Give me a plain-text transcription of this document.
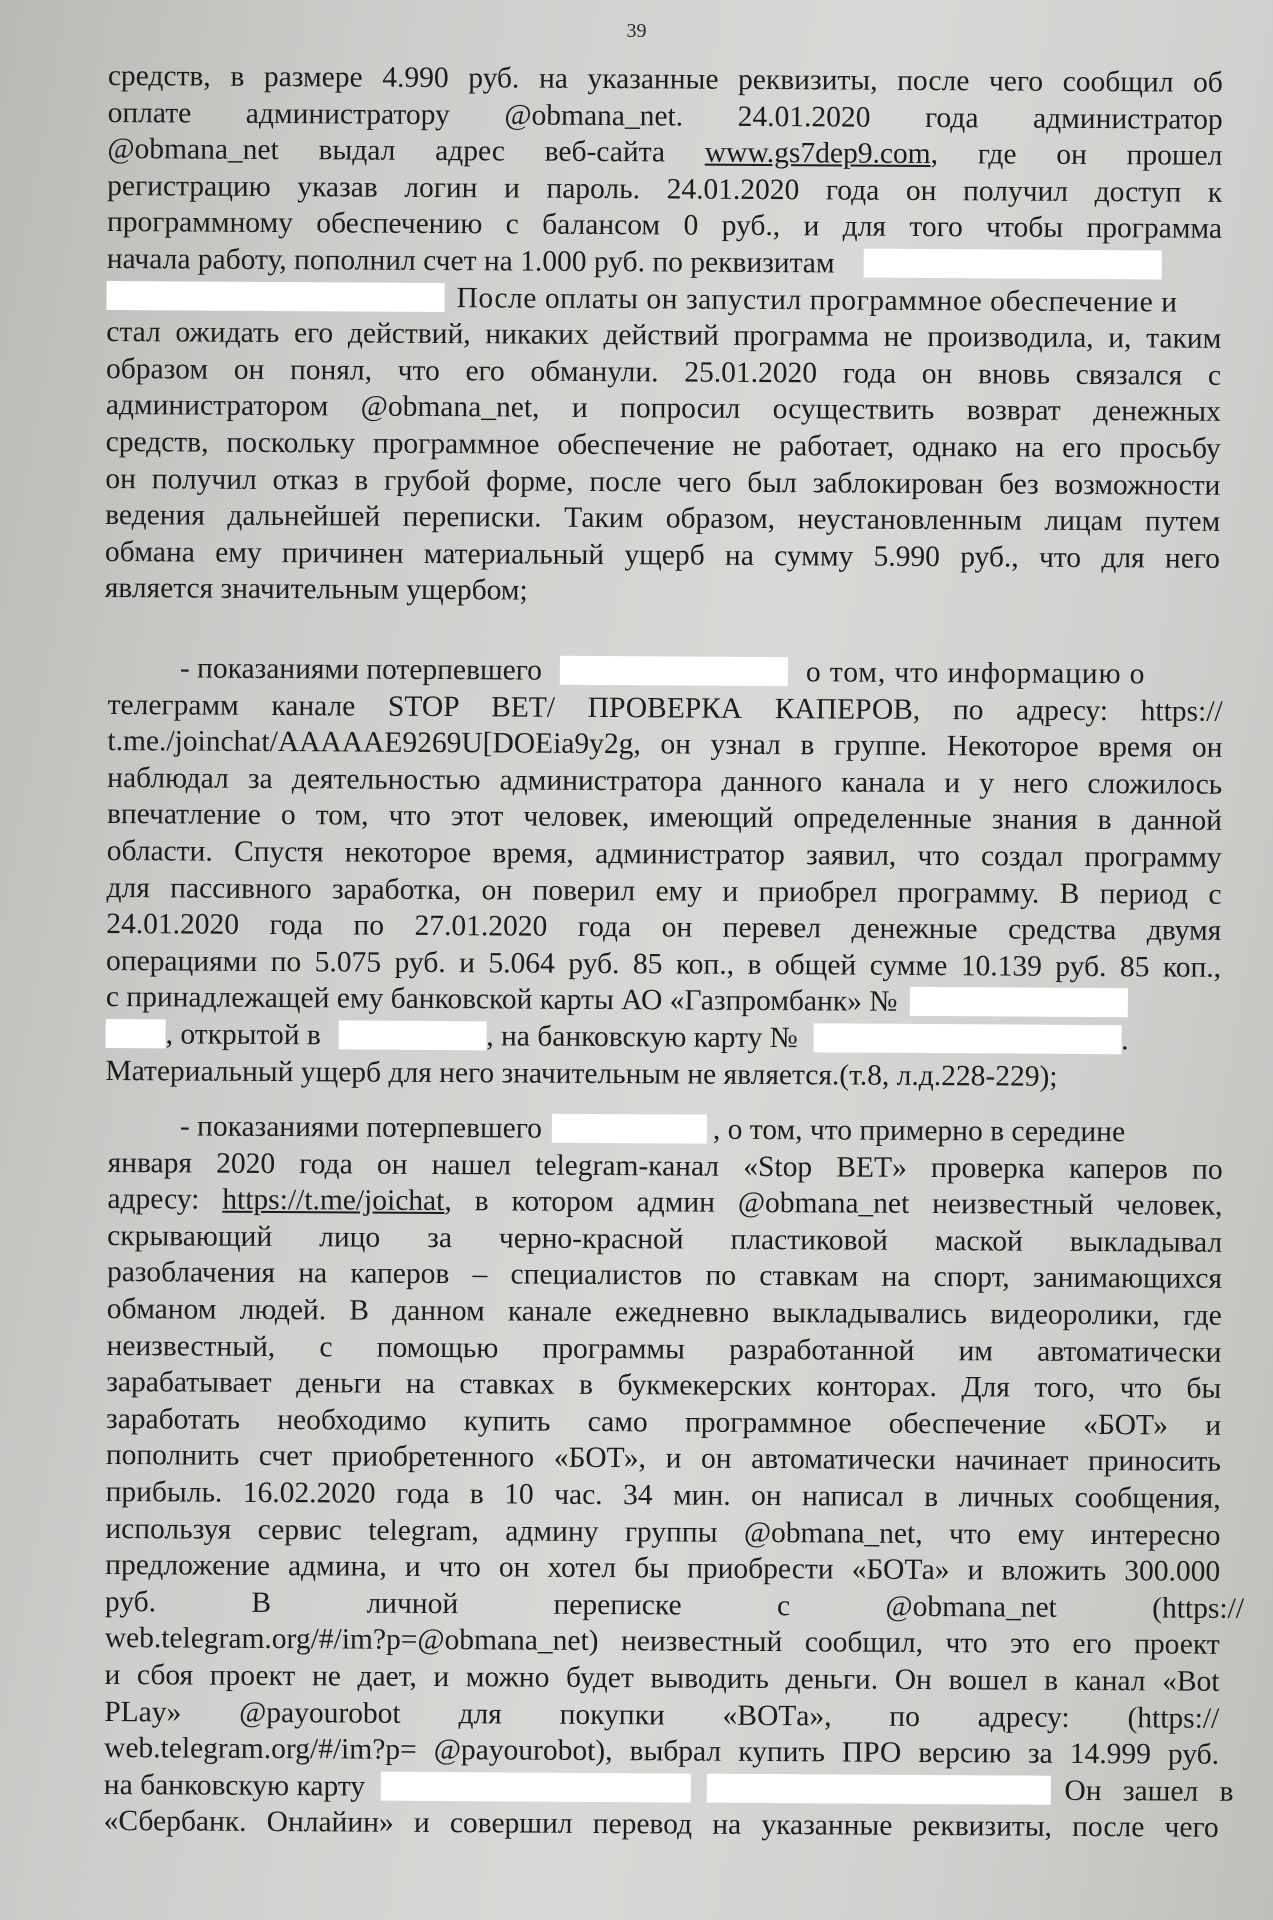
39
средств, в размере 4.990 руб. на указанные реквизиты, после чего сообщил об
оплате администратору @obmana_net. 24.01.2020 года администратор
@obmana_net выдал адрес веб-сайта www.gs7dep9.com, где он прошел
регистрацию указав логин и пароль. 24.01.2020 года он получил доступ к
программному обеспечению с балансом 0 руб., и для того чтобы программа
начала работу, пополнил счет на 1.000 руб. по реквизитам
После оплаты он запустил программное обеспечение и
стал ожидать его действий, никаких действий программа не производила, и, таким
образом он понял, что его обманули. 25.01.2020 года он вновь связался с
администратором @obmana_net, и попросил осуществить возврат денежных
средств, поскольку программное обеспечение не работает, однако на его просьбу
он получил отказ в грубой форме, после чего был заблокирован без возможности
ведения дальнейшей переписки. Таким образом, неустановленным лицам путем
обмана ему причинен материальный ущерб на сумму 5.990 руб., что для него
является значительным ущербом;
- показаниями потерпевшего	о том, что информацию о
телеграмм канале STOP BET/ ПРОВЕРКА КАПЕРОВ, по адресу: https://
t.me./joinchat/AAAAAE9269U[DOEia9y2g, он узнал в группе. Некоторое время он
наблюдал за деятельностью администратора данного канала и у него сложилось
впечатление о том, что этот человек, имеющий определенные знания в данной
области. Спустя некоторое время, администратор заявил, что создал программу
для пассивного заработка, он поверил ему и приобрел программу. В период с
24.01.2020 года по 27.01.2020 года он перевел денежные средства двумя
операциями по 5.075 руб. и 5.064 руб. 85 коп., в общей сумме 10.139 руб. 85 коп.,
с принадлежащей ему банковской карты АО «Газпромбанк» №
, открытой в	, на банковскую карту №	.
Материальный ущерб для него значительным не является.(т.8, л.д.228-229);
- показаниями потерпевшего	, о том, что примерно в середине
января 2020 года он нашел telegram-канал «Stop BET» проверка каперов по
адресу: https://t.me/joichat, в котором админ @obmana_net неизвестный человек,
скрывающий лицо за черно-красной пластиковой маской выкладывал
разоблачения на каперов – специалистов по ставкам на спорт, занимающихся
обманом людей. В данном канале ежедневно выкладывались видеоролики, где
неизвестный, с помощью программы разработанной им автоматически
зарабатывает деньги на ставках в букмекерских конторах. Для того, что бы
заработать необходимо купить само программное обеспечение «БОТ» и
пополнить счет приобретенного «БОТ», и он автоматически начинает приносить
прибыль. 16.02.2020 года в 10 час. 34 мин. он написал в личных сообщения,
используя сервис telegram, админу группы @obmana_net, что ему интересно
предложение админа, и что он хотел бы приобрести «БОТа» и вложить 300.000
руб. В личной переписке с @obmana_net (https://
web.telegram.org/#/im?p=@obmana_net) неизвестный сообщил, что это его проект
и сбоя проект не дает, и можно будет выводить деньги. Он вошел в канал «Bot
PLay» @payourobot для покупки «BOTа», по адресу: (https://
web.telegram.org/#/im?p= @payourobot), выбрал купить ПРО версию за 14.999 руб.
на банковскую карту	Он зашел в
«Сбербанк. Онлайин» и совершил перевод на указанные реквизиты, после чего
